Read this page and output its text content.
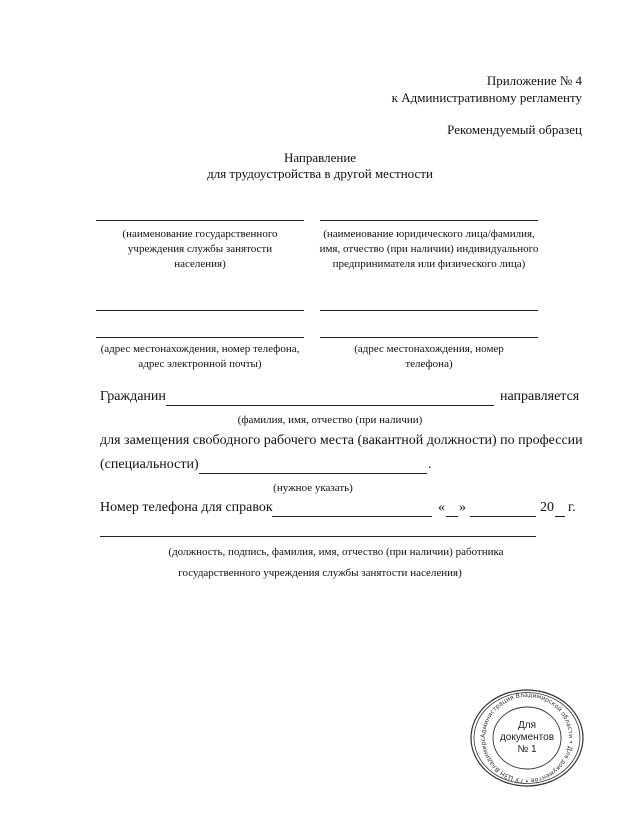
Приложение № 4
к Административному регламенту
Рекомендуемый образец
Направление
для трудоустройства в другой местности
(наименование государственного учреждения службы занятости населения)
(наименование юридического лица/фамилия, имя, отчество (при наличии) индивидуального предпринимателя или физического лица)
(адрес местонахождения, номер телефона, адрес электронной почты)
(адрес местонахождения, номер телефона)
Гражданин	направляется
(фамилия, имя, отчество (при наличии)
для замещения свободного рабочего места (вакантной должности) по профессии
(специальности)	.
(нужное указать)
Номер телефона для справок	« »	20 г.
(должность, подпись, фамилия, имя, отчество (при наличии) работника
государственного учреждения службы занятости населения)
Администрация Владимирской области • Для документов • ГУ ЦЗН Владимирс
Для
документов
№ 1
